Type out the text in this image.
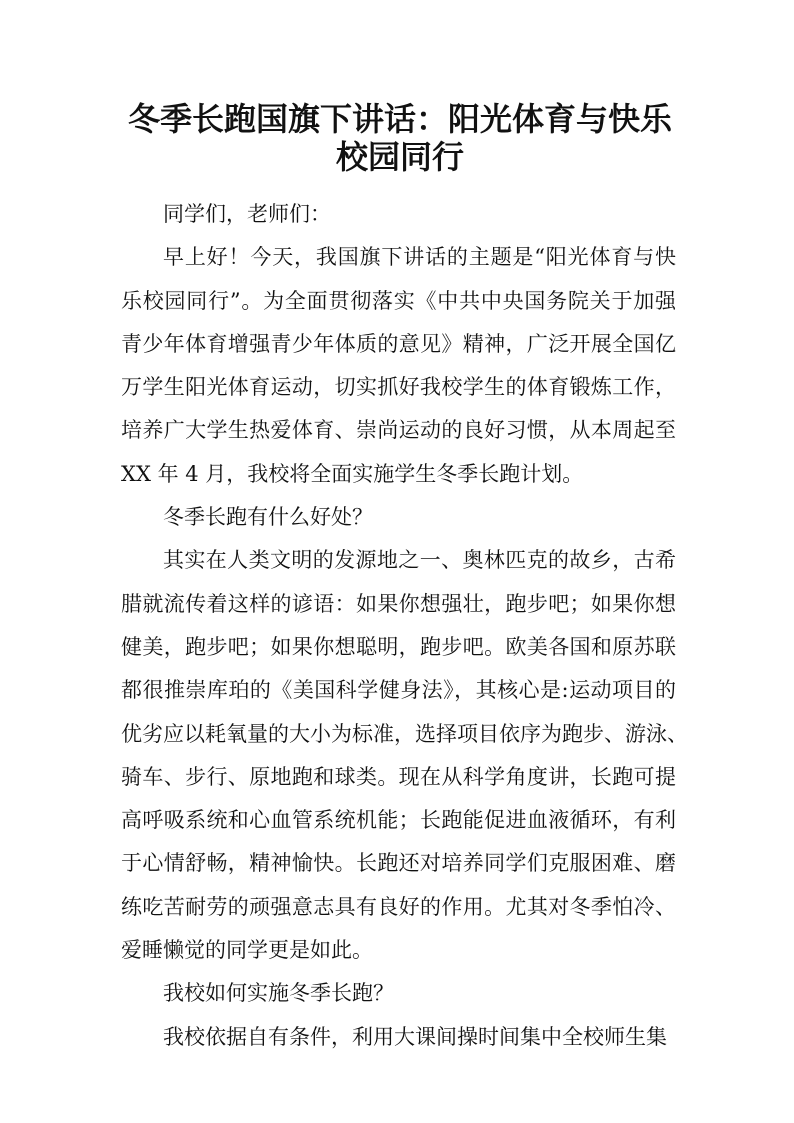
冬季长跑国旗下讲话：阳光体育与快乐
校园同行
同学们，老师们：
早上好！今天，我国旗下讲话的主题是“阳光体育与快
乐校园同行”。为全面贯彻落实《中共中央国务院关于加强
青少年体育增强青少年体质的意见》精神，广泛开展全国亿
万学生阳光体育运动，切实抓好我校学生的体育锻炼工作，
培养广大学生热爱体育、崇尚运动的良好习惯，从本周起至
XX 年 4 月，我校将全面实施学生冬季长跑计划。
冬季长跑有什么好处？
其实在人类文明的发源地之一、奥林匹克的故乡，古希
腊就流传着这样的谚语：如果你想强壮，跑步吧；如果你想
健美，跑步吧；如果你想聪明，跑步吧。欧美各国和原苏联
都很推崇库珀的《美国科学健身法》，其核心是:运动项目的
优劣应以耗氧量的大小为标准，选择项目依序为跑步、游泳、
骑车、步行、原地跑和球类。现在从科学角度讲，长跑可提
高呼吸系统和心血管系统机能；长跑能促进血液循环，有利
于心情舒畅，精神愉快。长跑还对培养同学们克服困难、磨
练吃苦耐劳的顽强意志具有良好的作用。尤其对冬季怕冷、
爱睡懒觉的同学更是如此。
我校如何实施冬季长跑？
我校依据自有条件，利用大课间操时间集中全校师生集
